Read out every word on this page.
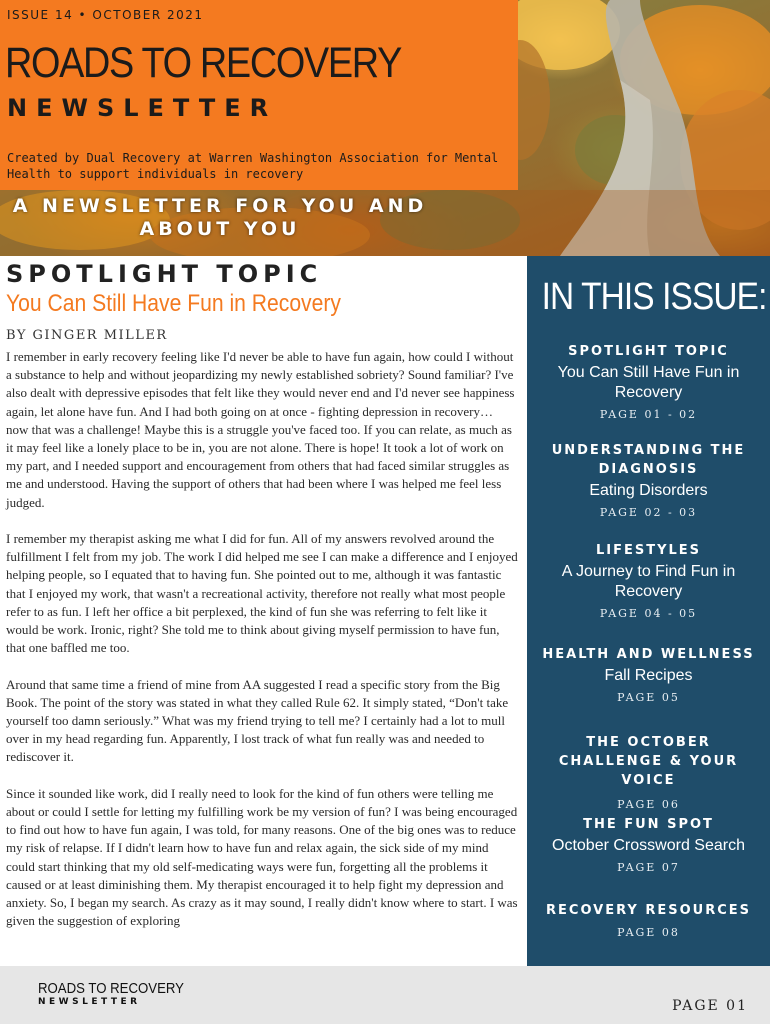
ISSUE 14 • OCTOBER 2021
ROADS TO RECOVERY
NEWSLETTER
Created by Dual Recovery at Warren Washington Association for Mental Health to support individuals in recovery
A NEWSLETTER FOR YOU AND ABOUT YOU
SPOTLIGHT TOPIC
You Can Still Have Fun in Recovery
BY GINGER MILLER

I remember in early recovery feeling like I'd never be able to have fun again, how could I without a substance to help and without jeopardizing my newly established sobriety? Sound familiar? I've also dealt with depressive episodes that felt like they would never end and I'd never see happiness again, let alone have fun. And I had both going on at once - fighting depression in recovery… now that was a challenge! Maybe this is a struggle you've faced too. If you can relate, as much as it may feel like a lonely place to be in, you are not alone. There is hope! It took a lot of work on my part, and I needed support and encouragement from others that had faced similar struggles as me and understood. Having the support of others that had been where I was helped me feel less judged.

I remember my therapist asking me what I did for fun. All of my answers revolved around the fulfillment I felt from my job. The work I did helped me see I can make a difference and I enjoyed helping people, so I equated that to having fun. She pointed out to me, although it was fantastic that I enjoyed my work, that wasn't a recreational activity, therefore not really what most people refer to as fun. I left her office a bit perplexed, the kind of fun she was referring to felt like it would be work. Ironic, right? She told me to think about giving myself permission to have fun, that one baffled me too.

Around that same time a friend of mine from AA suggested I read a specific story from the Big Book. The point of the story was stated in what they called Rule 62. It simply stated, “Don't take yourself too damn seriously.” What was my friend trying to tell me? I certainly had a lot to mull over in my head regarding fun. Apparently, I lost track of what fun really was and needed to rediscover it.

Since it sounded like work, did I really need to look for the kind of fun others were telling me about or could I settle for letting my fulfilling work be my version of fun? I was being encouraged to find out how to have fun again, I was told, for many reasons. One of the big ones was to reduce my risk of relapse. If I didn't learn how to have fun and relax again, the sick side of my mind could start thinking that my old self-medicating ways were fun, forgetting all the problems it caused or at least diminishing them. My therapist encouraged it to help fight my depression and anxiety. So, I began my search. As crazy as it may sound, I really didn't know where to start. I was given the suggestion of exploring

IN THIS ISSUE:
SPOTLIGHT TOPIC
You Can Still Have Fun in Recovery
PAGE 01 - 02
UNDERSTANDING THE DIAGNOSIS
Eating Disorders
PAGE 02 - 03
LIFESTYLES
A Journey to Find Fun in Recovery
PAGE 04 - 05
HEALTH AND WELLNESS
Fall Recipes
PAGE 05
THE OCTOBER CHALLENGE & YOUR VOICE
PAGE 06
THE FUN SPOT
October Crossword Search
PAGE 07
RECOVERY RESOURCES
PAGE 08
ROADS TO RECOVERY
NEWSLETTER	PAGE 01
